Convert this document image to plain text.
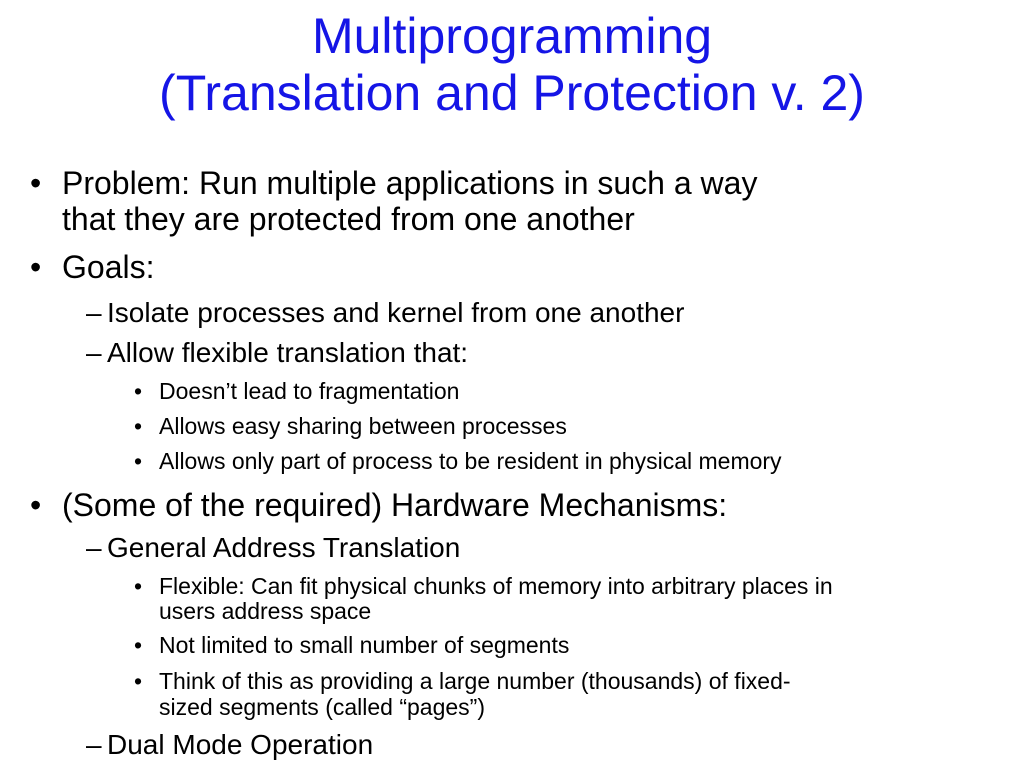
Multiprogramming
(Translation and Protection v. 2)
• Problem: Run multiple applications in such a way
that they are protected from one another
• Goals:
– Isolate processes and kernel from one another
– Allow flexible translation that:
• Doesn’t lead to fragmentation
• Allows easy sharing between processes
• Allows only part of process to be resident in physical memory
• (Some of the required) Hardware Mechanisms:
– General Address Translation
• Flexible: Can fit physical chunks of memory into arbitrary places in
users address space
• Not limited to small number of segments
• Think of this as providing a large number (thousands) of fixed-
sized segments (called “pages”)
– Dual Mode Operation
